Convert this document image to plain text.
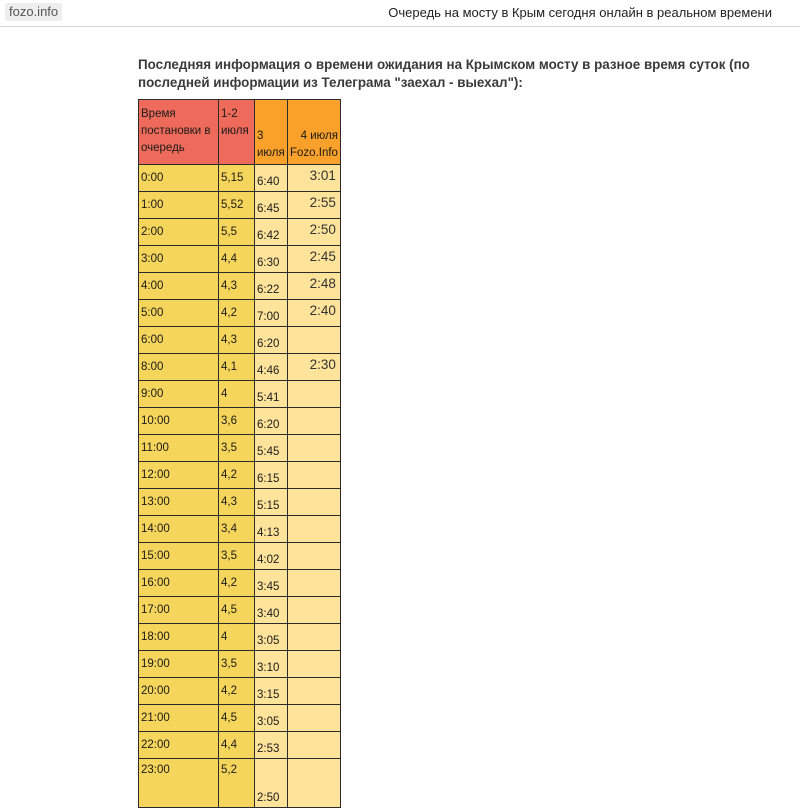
fozo.info	Очередь на мосту в Крым сегодня онлайн в реальном времени
Последняя информация о времени ожидания на Крымском мосту в разное время суток (по последней информации из Телеграма "заехал - выехал"):
Время постановки в очередь	1-2 июля	3 июля	4 июля Fozo.Info
0:00	5,15	6:40	3:01
1:00	5,52	6:45	2:55
2:00	5,5	6:42	2:50
3:00	4,4	6:30	2:45
4:00	4,3	6:22	2:48
5:00	4,2	7:00	2:40
6:00	4,3	6:20	
8:00	4,1	4:46	2:30
9:00	4	5:41	
10:00	3,6	6:20	
11:00	3,5	5:45	
12:00	4,2	6:15	
13:00	4,3	5:15	
14:00	3,4	4:13	
15:00	3,5	4:02	
16:00	4,2	3:45	
17:00	4,5	3:40	
18:00	4	3:05	
19:00	3,5	3:10	
20:00	4,2	3:15	
21:00	4,5	3:05	
22:00	4,4	2:53	
23:00	5,2	2:50	
